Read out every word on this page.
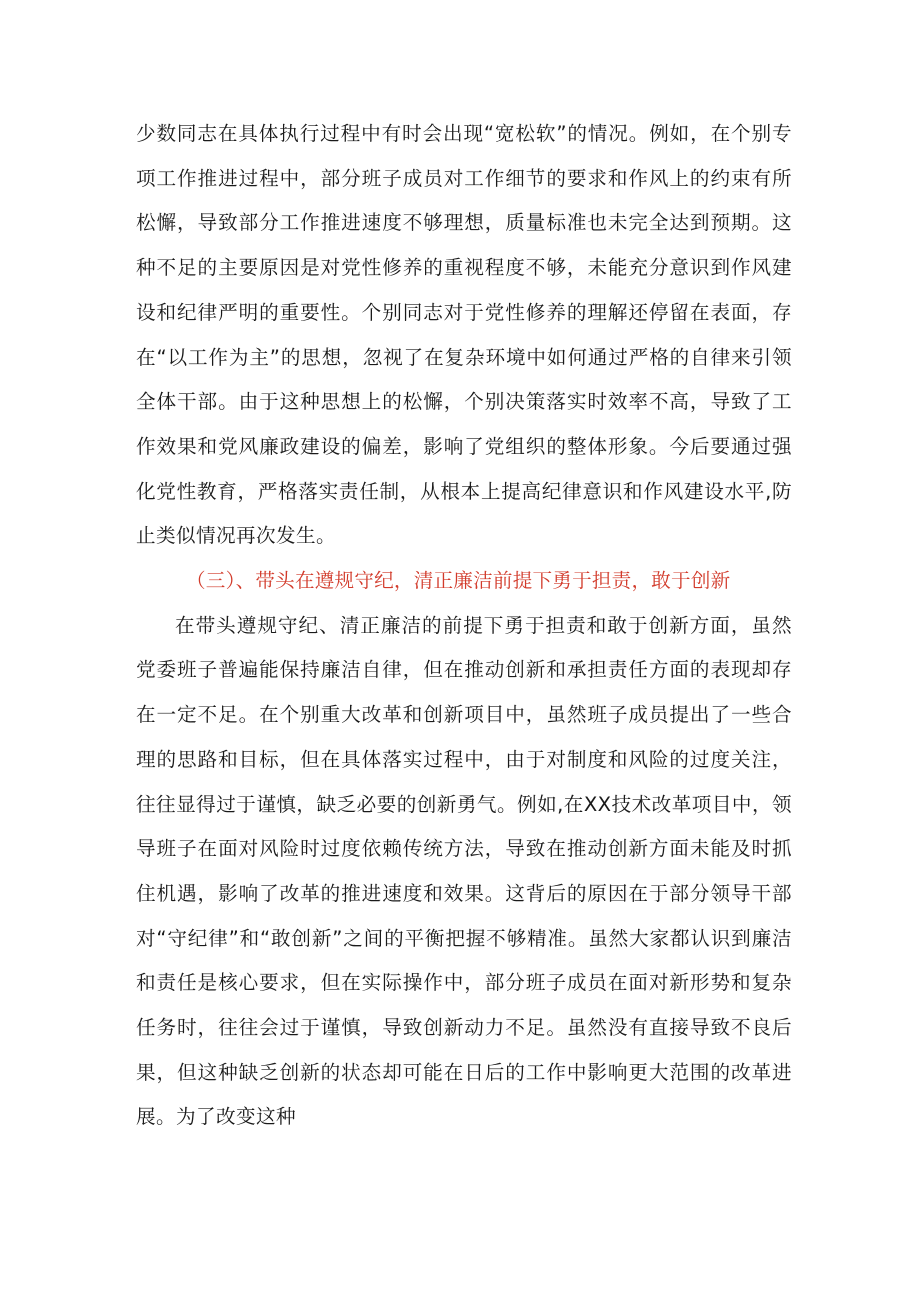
少数同志在具体执行过程中有时会出现“宽松软”的情况。例如，在个别专项工作推进过程中，部分班子成员对工作细节的要求和作风上的约束有所松懈，导致部分工作推进速度不够理想，质量标准也未完全达到预期。这种不足的主要原因是对党性修养的重视程度不够，未能充分意识到作风建设和纪律严明的重要性。个别同志对于党性修养的理解还停留在表面，存在“以工作为主”的思想，忽视了在复杂环境中如何通过严格的自律来引领全体干部。由于这种思想上的松懈，个别决策落实时效率不高，导致了工作效果和党风廉政建设的偏差，影响了党组织的整体形象。今后要通过强化党性教育，严格落实责任制，从根本上提高纪律意识和作风建设水平,防止类似情况再次发生。

（三）、带头在遵规守纪，清正廉洁前提下勇于担责，敢于创新

在带头遵规守纪、清正廉洁的前提下勇于担责和敢于创新方面，虽然党委班子普遍能保持廉洁自律，但在推动创新和承担责任方面的表现却存在一定不足。在个别重大改革和创新项目中，虽然班子成员提出了一些合理的思路和目标，但在具体落实过程中，由于对制度和风险的过度关注，往往显得过于谨慎，缺乏必要的创新勇气。例如,在XX技术改革项目中，领导班子在面对风险时过度依赖传统方法，导致在推动创新方面未能及时抓住机遇，影响了改革的推进速度和效果。这背后的原因在于部分领导干部对“守纪律”和“敢创新”之间的平衡把握不够精准。虽然大家都认识到廉洁和责任是核心要求，但在实际操作中，部分班子成员在面对新形势和复杂任务时，往往会过于谨慎，导致创新动力不足。虽然没有直接导致不良后果，但这种缺乏创新的状态却可能在日后的工作中影响更大范围的改革进展。为了改变这种
